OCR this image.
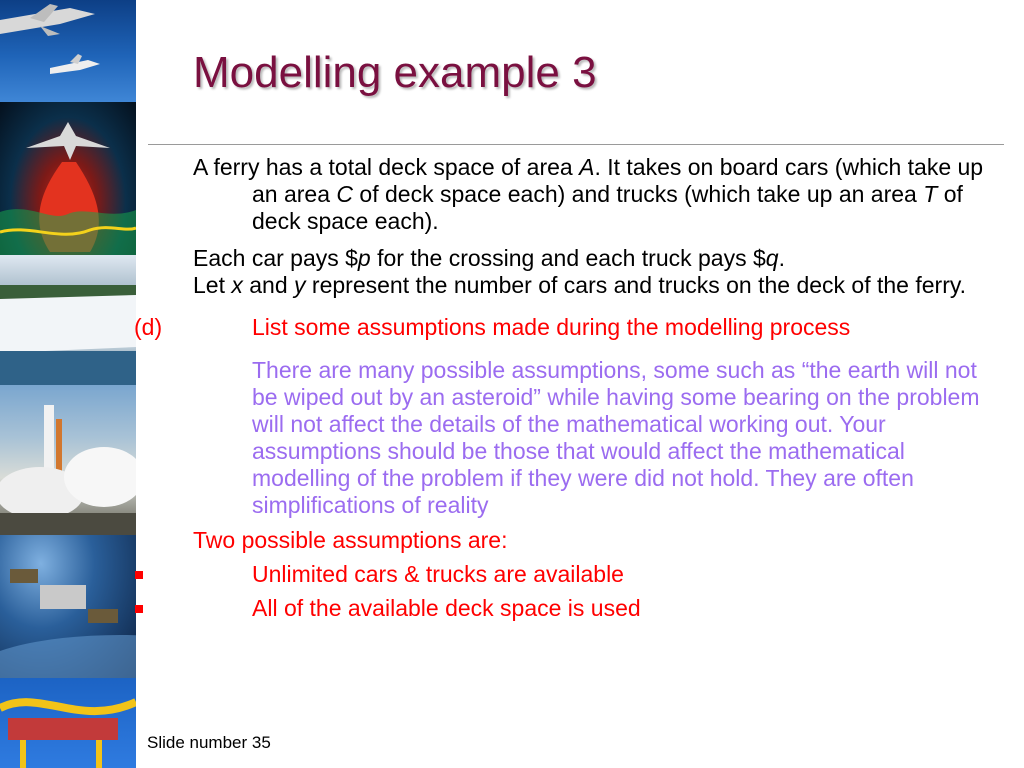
Modelling example 3

A ferry has a total deck space of area A. It takes on board cars (which take up an area C of deck space each) and trucks (which take up an area T of deck space each).

Each car pays $p for the crossing and each truck pays $q.

Let x and y represent the number of cars and trucks on the deck of the ferry.

(d)	List some assumptions made during the modelling process

There are many possible assumptions, some such as “the earth will not be wiped out by an asteroid” while having some bearing on the problem will not affect the details of the mathematical working out. Your assumptions should be those that would affect the mathematical modelling of the problem if they were did not hold. They are often simplifications of reality

Two possible assumptions are:

Unlimited cars & trucks are available
All of the available deck space is used
Slide number 35
